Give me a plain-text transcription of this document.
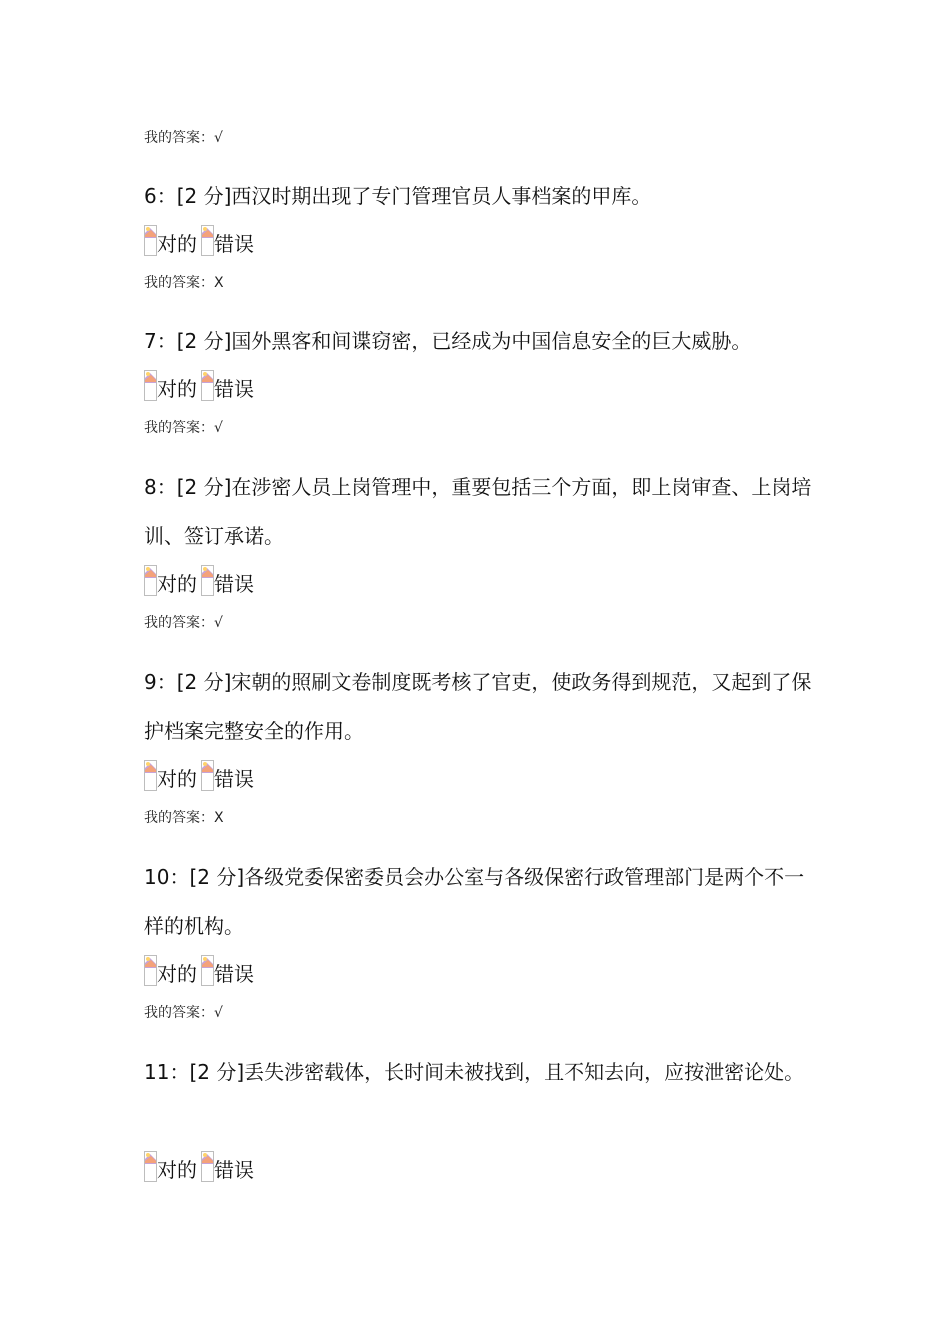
我的答案：√
6：[2 分]西汉时期出现了专门管理官员人事档案的甲库。
对的 错误
我的答案：X
7：[2 分]国外黑客和间谍窃密，已经成为中国信息安全的巨大威胁。
对的 错误
我的答案：√
8：[2 分]在涉密人员上岗管理中，重要包括三个方面，即上岗审查、上岗培训、签订承诺。
对的 错误
我的答案：√
9：[2 分]宋朝的照刷文卷制度既考核了官吏，使政务得到规范，又起到了保护档案完整安全的作用。
对的 错误
我的答案：X
10：[2 分]各级党委保密委员会办公室与各级保密行政管理部门是两个不一样的机构。
对的 错误
我的答案：√
11：[2 分]丢失涉密载体，长时间未被找到，且不知去向，应按泄密论处。
对的 错误
